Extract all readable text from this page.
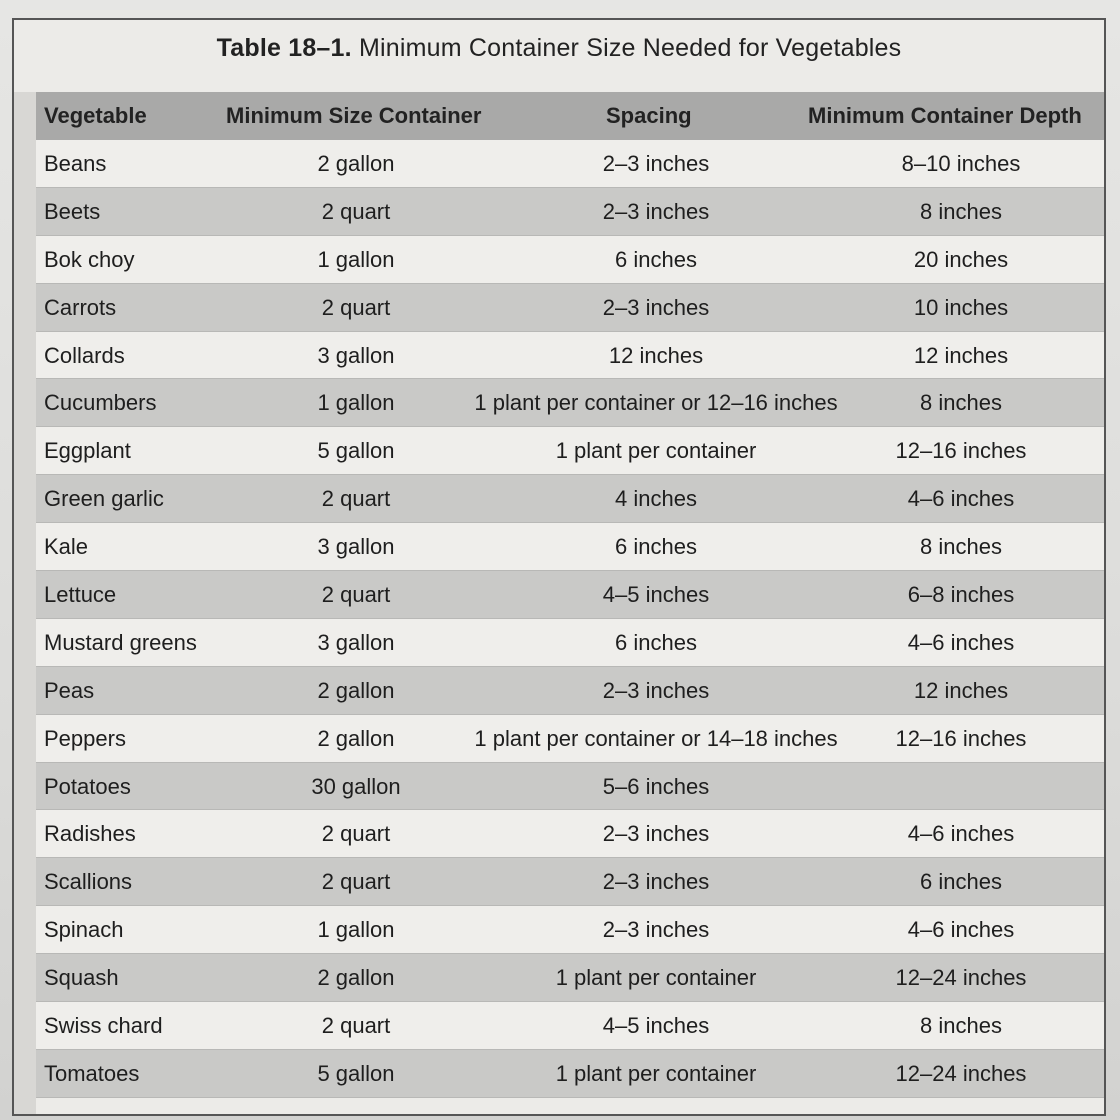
Table 18–1. Minimum Container Size Needed for Vegetables
Vegetable	Minimum Size Container	Spacing	Minimum Container Depth
Beans	2 gallon	2–3 inches	8–10 inches
Beets	2 quart	2–3 inches	8 inches
Bok choy	1 gallon	6 inches	20 inches
Carrots	2 quart	2–3 inches	10 inches
Collards	3 gallon	12 inches	12 inches
Cucumbers	1 gallon	1 plant per container or 12–16 inches	8 inches
Eggplant	5 gallon	1 plant per container	12–16 inches
Green garlic	2 quart	4 inches	4–6 inches
Kale	3 gallon	6 inches	8 inches
Lettuce	2 quart	4–5 inches	6–8 inches
Mustard greens	3 gallon	6 inches	4–6 inches
Peas	2 gallon	2–3 inches	12 inches
Peppers	2 gallon	1 plant per container or 14–18 inches	12–16 inches
Potatoes	30 gallon	5–6 inches
Radishes	2 quart	2–3 inches	4–6 inches
Scallions	2 quart	2–3 inches	6 inches
Spinach	1 gallon	2–3 inches	4–6 inches
Squash	2 gallon	1 plant per container	12–24 inches
Swiss chard	2 quart	4–5 inches	8 inches
Tomatoes	5 gallon	1 plant per container	12–24 inches
